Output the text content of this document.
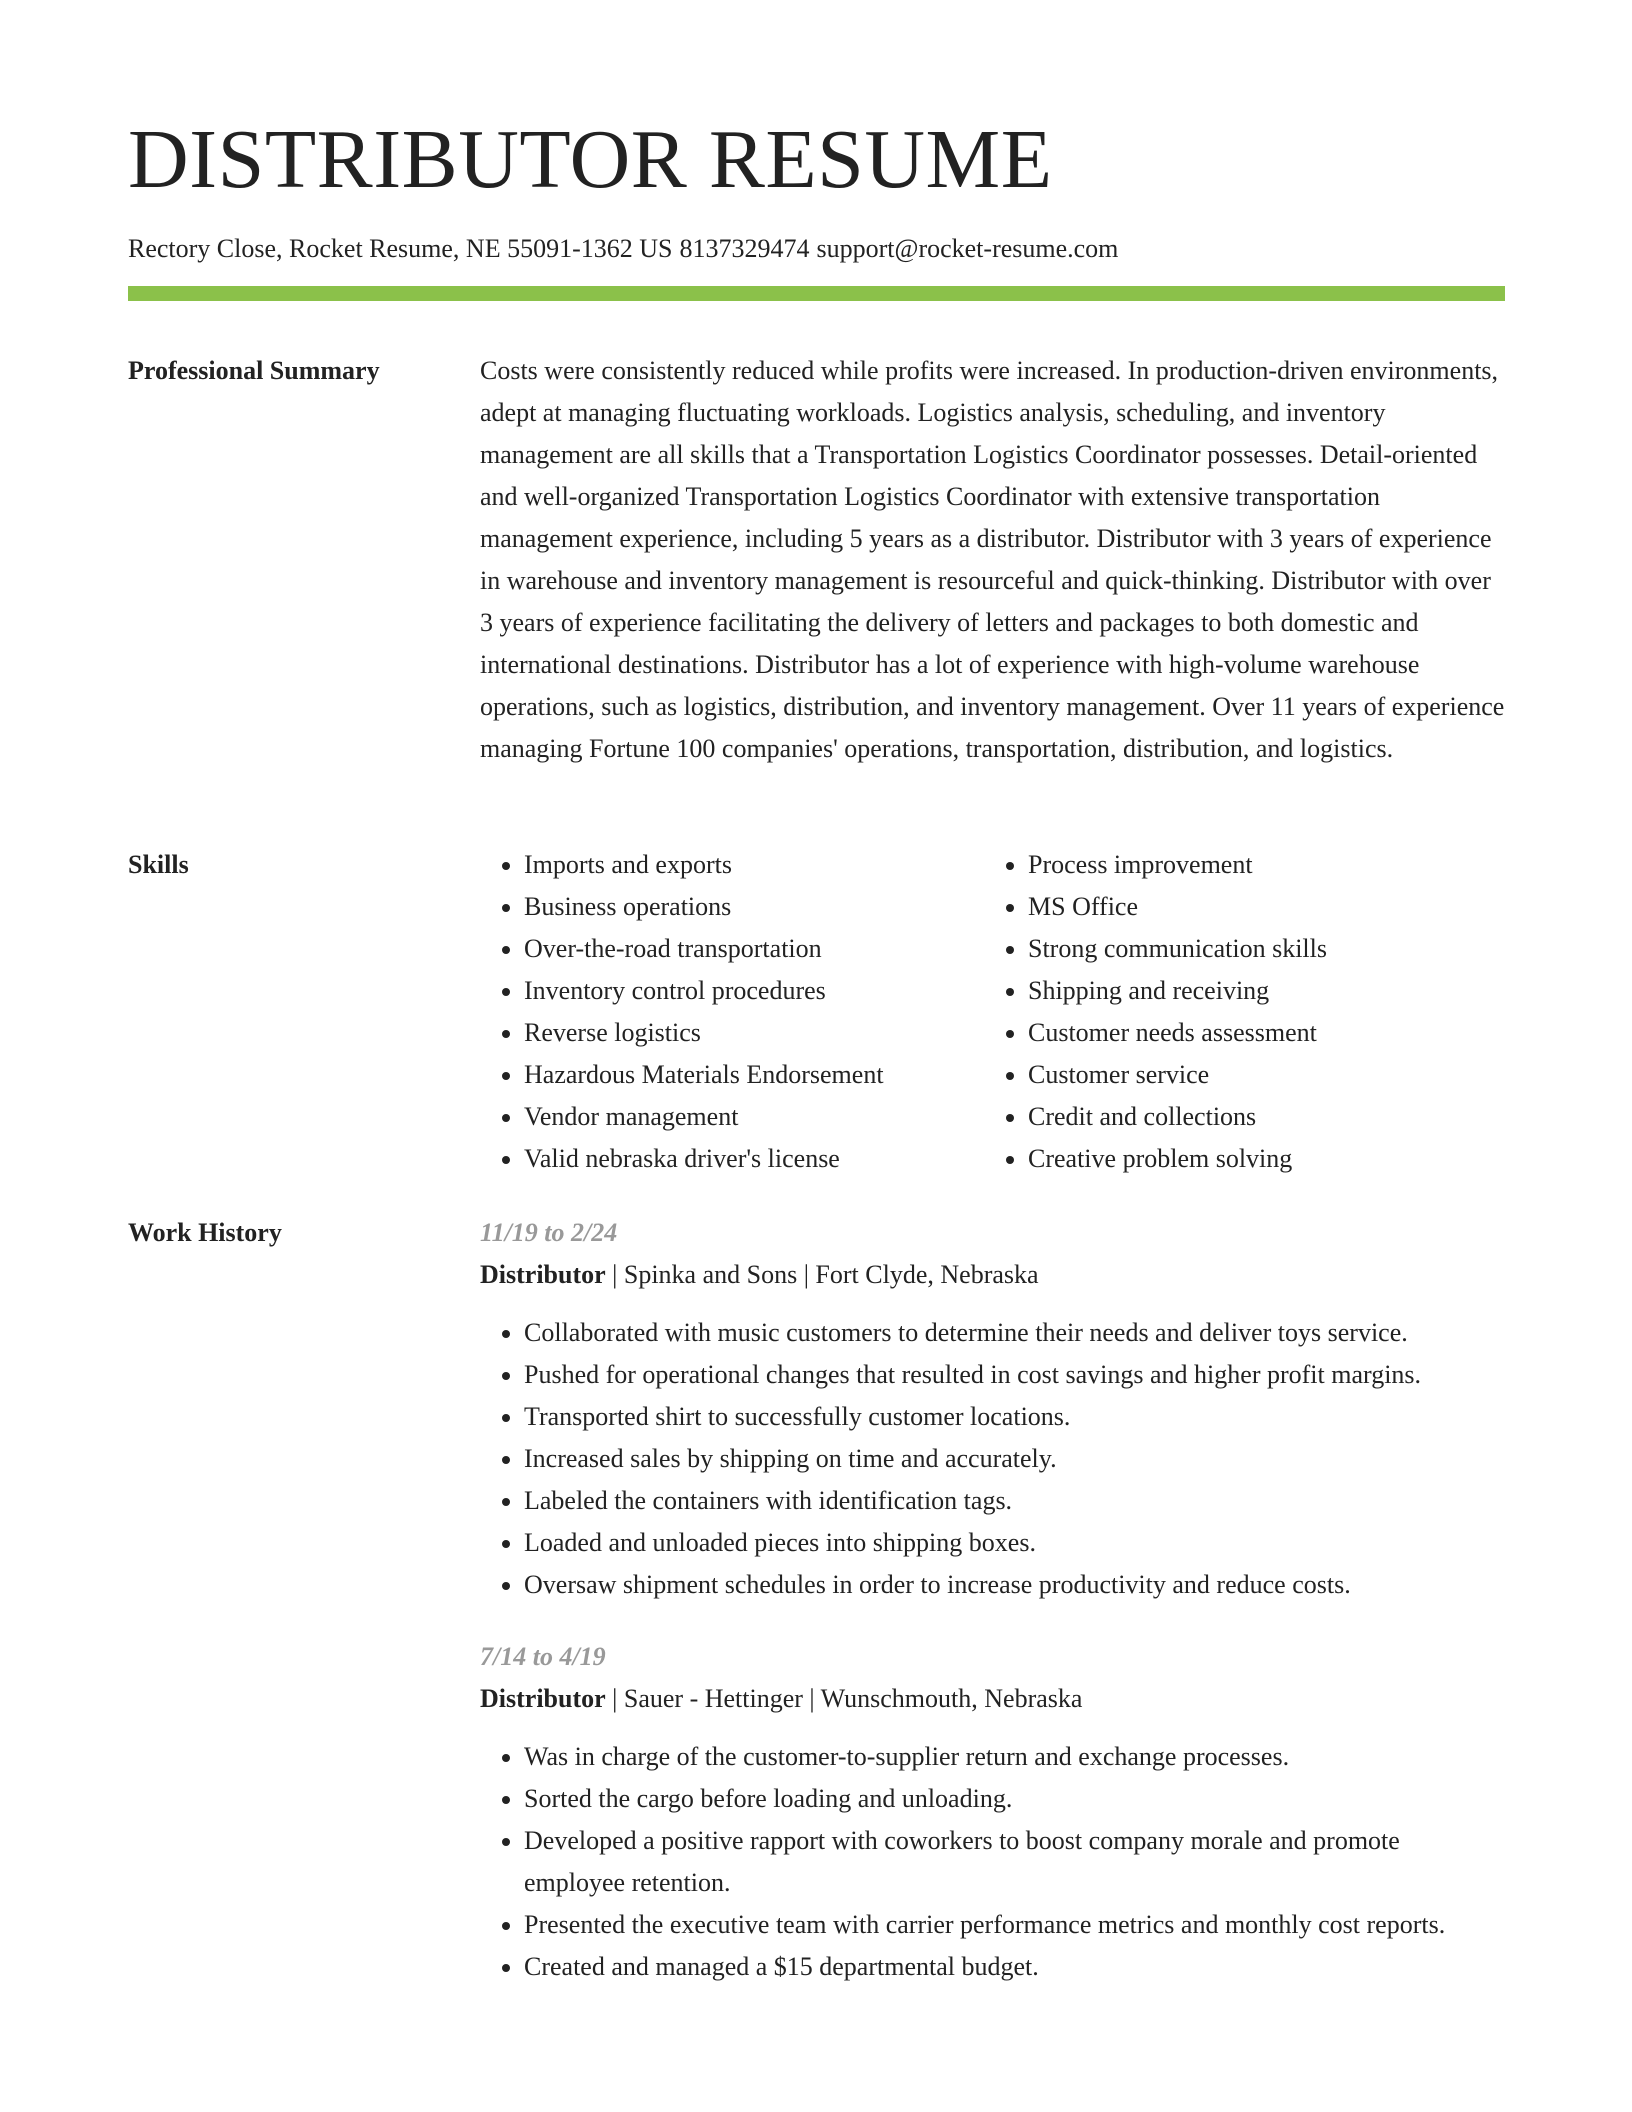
DISTRIBUTOR RESUME
Rectory Close, Rocket Resume, NE 55091-1362 US 8137329474 support@rocket-resume.com
Professional Summary	Costs were consistently reduced while profits were increased. In production-driven environments, adept at managing fluctuating workloads. Logistics analysis, scheduling, and inventory management are all skills that a Transportation Logistics Coordinator possesses. Detail-oriented and well-organized Transportation Logistics Coordinator with extensive transportation management experience, including 5 years as a distributor. Distributor with 3 years of experience in warehouse and inventory management is resourceful and quick-thinking. Distributor with over 3 years of experience facilitating the delivery of letters and packages to both domestic and international destinations. Distributor has a lot of experience with high-volume warehouse operations, such as logistics, distribution, and inventory management. Over 11 years of experience managing Fortune 100 companies' operations, transportation, distribution, and logistics.

Skills
•	Imports and exports
• Business operations
• Over-the-road transportation
• Inventory control procedures
• Reverse logistics
• Hazardous Materials Endorsement
• Vendor management
• Valid nebraska driver's license
• Process improvement
• MS Office
• Strong communication skills
• Shipping and receiving
• Customer needs assessment
• Customer service
• Credit and collections
• Creative problem solving
Work History	11/19 to 2/24
Distributor | Spinka and Sons | Fort Clyde, Nebraska
• Collaborated with music customers to determine their needs and deliver toys service.
• Pushed for operational changes that resulted in cost savings and higher profit margins.
• Transported shirt to successfully customer locations.
• Increased sales by shipping on time and accurately.
• Labeled the containers with identification tags.
• Loaded and unloaded pieces into shipping boxes.
• Oversaw shipment schedules in order to increase productivity and reduce costs.
7/14 to 4/19
Distributor | Sauer - Hettinger | Wunschmouth, Nebraska
• Was in charge of the customer-to-supplier return and exchange processes.
• Sorted the cargo before loading and unloading.
• Developed a positive rapport with coworkers to boost company morale and promote employee retention.
• Presented the executive team with carrier performance metrics and monthly cost reports.
• Created and managed a $15 departmental budget.
